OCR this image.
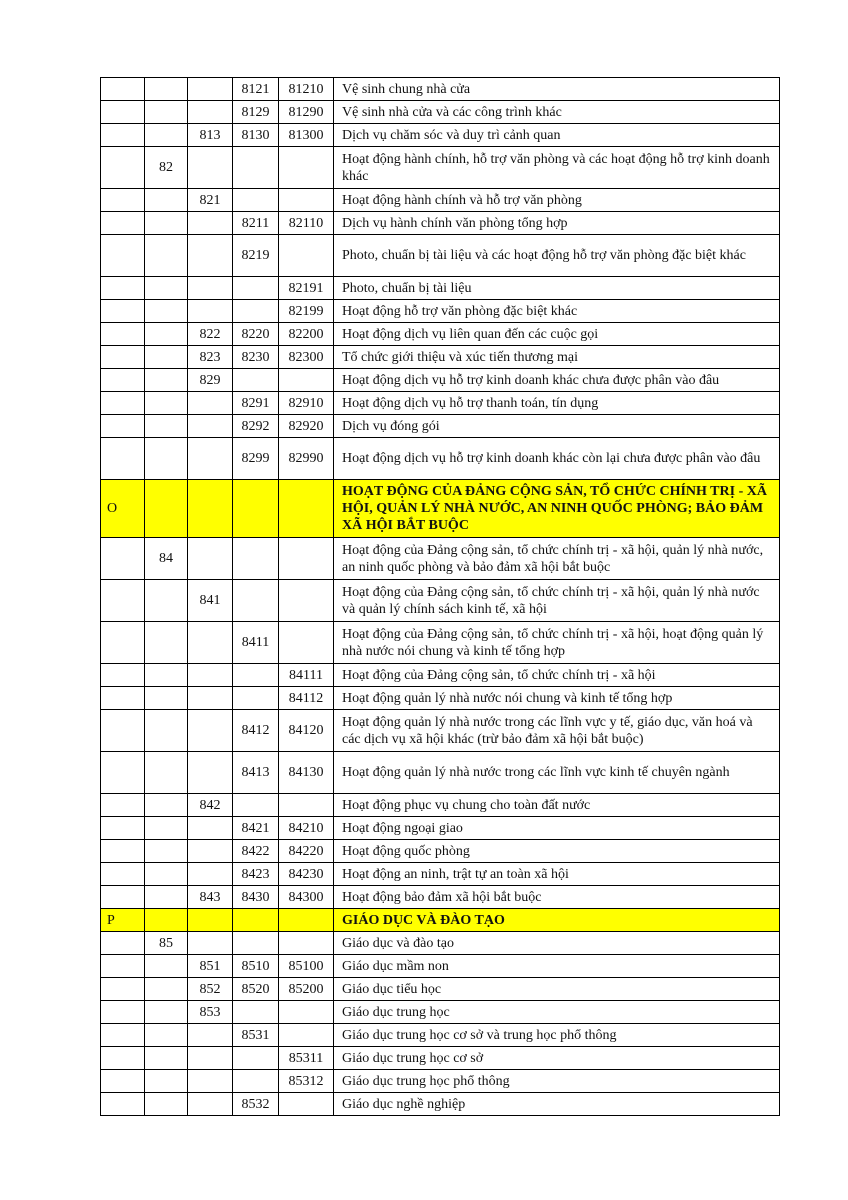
			8121	81210	Vệ sinh chung nhà cửa
			8129	81290	Vệ sinh nhà cửa và các công trình khác
		813	8130	81300	Dịch vụ chăm sóc và duy trì cảnh quan
	82				Hoạt động hành chính, hỗ trợ văn phòng và các hoạt động hỗ trợ kinh doanh khác
		821			Hoạt động hành chính và hỗ trợ văn phòng
			8211	82110	Dịch vụ hành chính văn phòng tổng hợp
			8219		Photo, chuẩn bị tài liệu và các hoạt động hỗ trợ văn phòng đặc biệt khác
				82191	Photo, chuẩn bị tài liệu
				82199	Hoạt động hỗ trợ văn phòng đặc biệt khác
		822	8220	82200	Hoạt động dịch vụ liên quan đến các cuộc gọi
		823	8230	82300	Tổ chức giới thiệu và xúc tiến thương mại
		829			Hoạt động dịch vụ hỗ trợ kinh doanh khác chưa được phân vào đâu
			8291	82910	Hoạt động dịch vụ hỗ trợ thanh toán, tín dụng
			8292	82920	Dịch vụ đóng gói
			8299	82990	Hoạt động dịch vụ hỗ trợ kinh doanh khác còn lại chưa được phân vào đâu
O					HOẠT ĐỘNG CỦA ĐẢNG CỘNG SẢN, TỔ CHỨC CHÍNH TRỊ - XÃ HỘI, QUẢN LÝ NHÀ NƯỚC, AN NINH QUỐC PHÒNG; BẢO ĐẢM XÃ HỘI BẮT BUỘC
	84				Hoạt động của Đảng cộng sản, tổ chức chính trị - xã hội, quản lý nhà nước, an ninh quốc phòng và bảo đảm xã hội bắt buộc
		841			Hoạt động của Đảng cộng sản, tổ chức chính trị - xã hội, quản lý nhà nước và quản lý chính sách kinh tế, xã hội
			8411		Hoạt động của Đảng cộng sản, tổ chức chính trị - xã hội, hoạt động quản lý nhà nước nói chung và kinh tế tổng hợp
				84111	Hoạt động của Đảng cộng sản, tổ chức chính trị - xã hội
				84112	Hoạt động quản lý nhà nước nói chung và kinh tế tổng hợp
			8412	84120	Hoạt động quản lý nhà nước trong các lĩnh vực y tế, giáo dục, văn hoá và các dịch vụ xã hội khác (trừ bảo đảm xã hội bắt buộc)
			8413	84130	Hoạt động quản lý nhà nước trong các lĩnh vực kinh tế chuyên ngành
		842			Hoạt động phục vụ chung cho toàn đất nước
			8421	84210	Hoạt động ngoại giao
			8422	84220	Hoạt động quốc phòng
			8423	84230	Hoạt động an ninh, trật tự an toàn xã hội
		843	8430	84300	Hoạt động bảo đảm xã hội bắt buộc
P					GIÁO DỤC VÀ ĐÀO TẠO
	85				Giáo dục và đào tạo
		851	8510	85100	Giáo dục mầm non
		852	8520	85200	Giáo dục tiểu học
		853			Giáo dục trung học
			8531		Giáo dục trung học cơ sở và trung học phổ thông
				85311	Giáo dục trung học cơ sở
				85312	Giáo dục trung học phổ thông
			8532		Giáo dục nghề nghiệp
